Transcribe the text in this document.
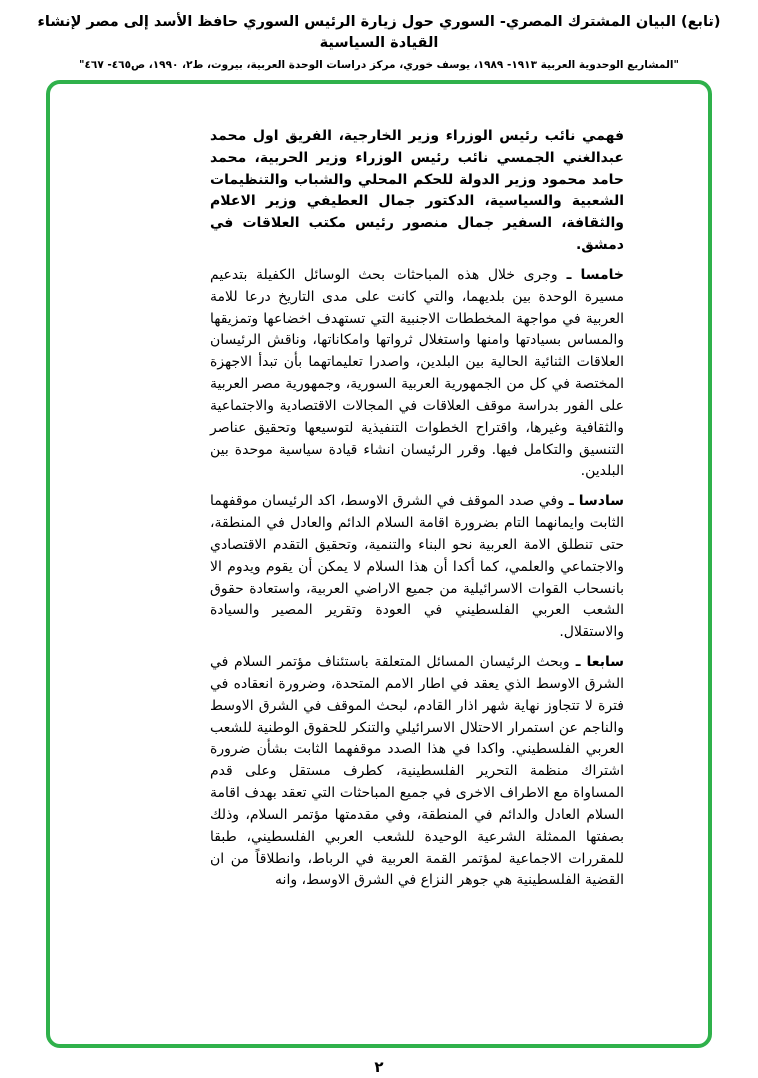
(تابع) البيان المشترك المصري- السوري حول زيارة الرئيس السوري حافظ الأسد إلى مصر لإنشاء القيادة السياسية
"المشاريع الوحدوية العربية ١٩١٣- ١٩٨٩، يوسف خوري، مركز دراسات الوحدة العربية، بيروت، ط٢، ١٩٩٠، ص٤٦٥- ٤٦٧"

فهمي نائب رئيس الوزراء وزير الخارجية، الفريق اول محمد عبدالغني الجمسي نائب رئيس الوزراء وزير الحربية، محمد حامد محمود وزير الدولة للحكم المحلي والشباب والتنظيمات الشعبية والسياسية، الدكتور جمال العطيفي وزير الاعلام والثقافة، السفير جمال منصور رئيس مكتب العلاقات في دمشق.

خامسا ـ وجرى خلال هذه المباحثات بحث الوسائل الكفيلة بتدعيم مسيرة الوحدة بين بلديهما، والتي كانت على مدى التاريخ درعا للامة العربية في مواجهة المخططات الاجنبية التي تستهدف اخضاعها وتمزيقها والمساس بسيادتها وامنها واستغلال ثرواتها وامكاناتها، وناقش الرئيسان العلاقات الثنائية الحالية بين البلدين، واصدرا تعليماتهما بأن تبدأ الاجهزة المختصة في كل من الجمهورية العربية السورية، وجمهورية مصر العربية على الفور بدراسة موقف العلاقات في المجالات الاقتصادية والاجتماعية والثقافية وغيرها، واقتراح الخطوات التنفيذية لتوسيعها وتحقيق عناصر التنسيق والتكامل فيها. وقرر الرئيسان انشاء قيادة سياسية موحدة بين البلدين.

سادسا ـ وفي صدد الموقف في الشرق الاوسط، اكد الرئيسان موقفهما الثابت وايمانهما التام بضرورة اقامة السلام الدائم والعادل في المنطقة، حتى تنطلق الامة العربية نحو البناء والتنمية، وتحقيق التقدم الاقتصادي والاجتماعي والعلمي، كما أكدا أن هذا السلام لا يمكن أن يقوم ويدوم الا بانسحاب القوات الاسرائيلية من جميع الاراضي العربية، واستعادة حقوق الشعب العربي الفلسطيني في العودة وتقرير المصير والسيادة والاستقلال.

سابعا ـ وبحث الرئيسان المسائل المتعلقة باستئناف مؤتمر السلام في الشرق الاوسط الذي يعقد في اطار الامم المتحدة، وضرورة انعقاده في فترة لا تتجاوز نهاية شهر اذار القادم، لبحث الموقف في الشرق الاوسط والناجم عن استمرار الاحتلال الاسرائيلي والتنكر للحقوق الوطنية للشعب العربي الفلسطيني. واكدا في هذا الصدد موقفهما الثابت بشأن ضرورة اشتراك منظمة التحرير الفلسطينية، كطرف مستقل وعلى قدم المساواة مع الاطراف الاخرى في جميع المباحثات التي تعقد بهدف اقامة السلام العادل والدائم في المنطقة، وفي مقدمتها مؤتمر السلام، وذلك بصفتها الممثلة الشرعية الوحيدة للشعب العربي الفلسطيني، طبقا للمقررات الاجماعية لمؤتمر القمة العربية في الرباط، وانطلاقاً من ان القضية الفلسطينية هي جوهر النزاع في الشرق الاوسط، وانه

٢
